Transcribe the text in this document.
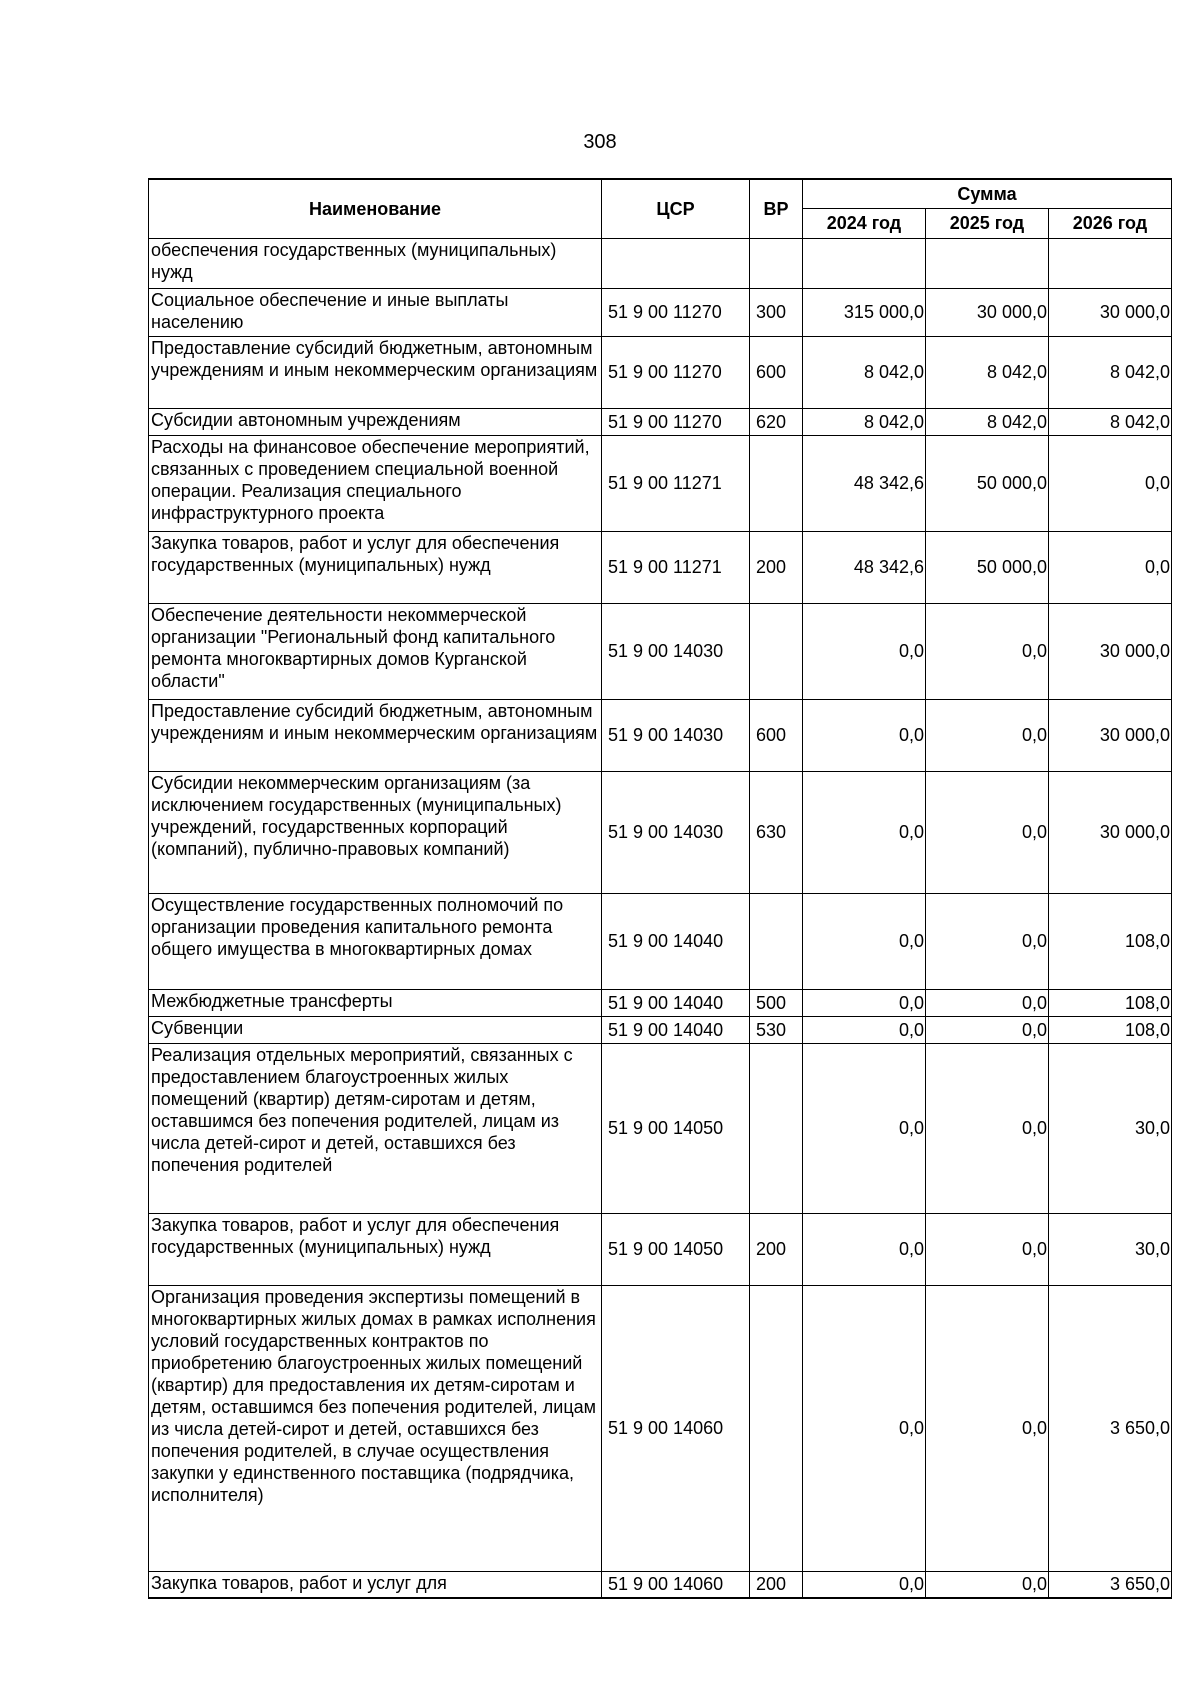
308
Наименование	ЦСР	ВР	Сумма		
			2024 год	2025 год	2026 год
обеспечения государственных (муниципальных) нужд					
Социальное обеспечение и иные выплаты населению	51 9 00 11270	300	315 000,0	30 000,0	30 000,0
Предоставление субсидий бюджетным, автономным учреждениям и иным некоммерческим организациям	51 9 00 11270	600	8 042,0	8 042,0	8 042,0
Субсидии автономным учреждениям	51 9 00 11270	620	8 042,0	8 042,0	8 042,0
Расходы на финансовое обеспечение мероприятий, связанных с проведением специальной военной операции. Реализация специального инфраструктурного проекта	51 9 00 11271		48 342,6	50 000,0	0,0
Закупка товаров, работ и услуг для обеспечения государственных (муниципальных) нужд	51 9 00 11271	200	48 342,6	50 000,0	0,0
Обеспечение деятельности некоммерческой организации "Региональный фонд капитального ремонта многоквартирных домов Курганской области"	51 9 00 14030		0,0	0,0	30 000,0
Предоставление субсидий бюджетным, автономным учреждениям и иным некоммерческим организациям	51 9 00 14030	600	0,0	0,0	30 000,0
Субсидии некоммерческим организациям (за исключением государственных (муниципальных) учреждений, государственных корпораций (компаний), публично-правовых компаний)	51 9 00 14030	630	0,0	0,0	30 000,0
Осуществление государственных полномочий по организации проведения капитального ремонта общего имущества в многоквартирных домах	51 9 00 14040		0,0	0,0	108,0
Межбюджетные трансферты	51 9 00 14040	500	0,0	0,0	108,0
Субвенции	51 9 00 14040	530	0,0	0,0	108,0
Реализация отдельных мероприятий, связанных с предоставлением благоустроенных жилых помещений (квартир) детям-сиротам и детям, оставшимся без попечения родителей, лицам из числа детей-сирот и детей, оставшихся без попечения родителей	51 9 00 14050		0,0	0,0	30,0
Закупка товаров, работ и услуг для обеспечения государственных (муниципальных) нужд	51 9 00 14050	200	0,0	0,0	30,0
Организация проведения экспертизы помещений в многоквартирных жилых домах в рамках исполнения условий государственных контрактов по приобретению благоустроенных жилых помещений (квартир) для предоставления их детям-сиротам и детям, оставшимся без попечения родителей, лицам из числа детей-сирот и детей, оставшихся без попечения родителей, в случае осуществления закупки у единственного поставщика (подрядчика, исполнителя)	51 9 00 14060		0,0	0,0	3 650,0
Закупка товаров, работ и услуг для	51 9 00 14060	200	0,0	0,0	3 650,0
